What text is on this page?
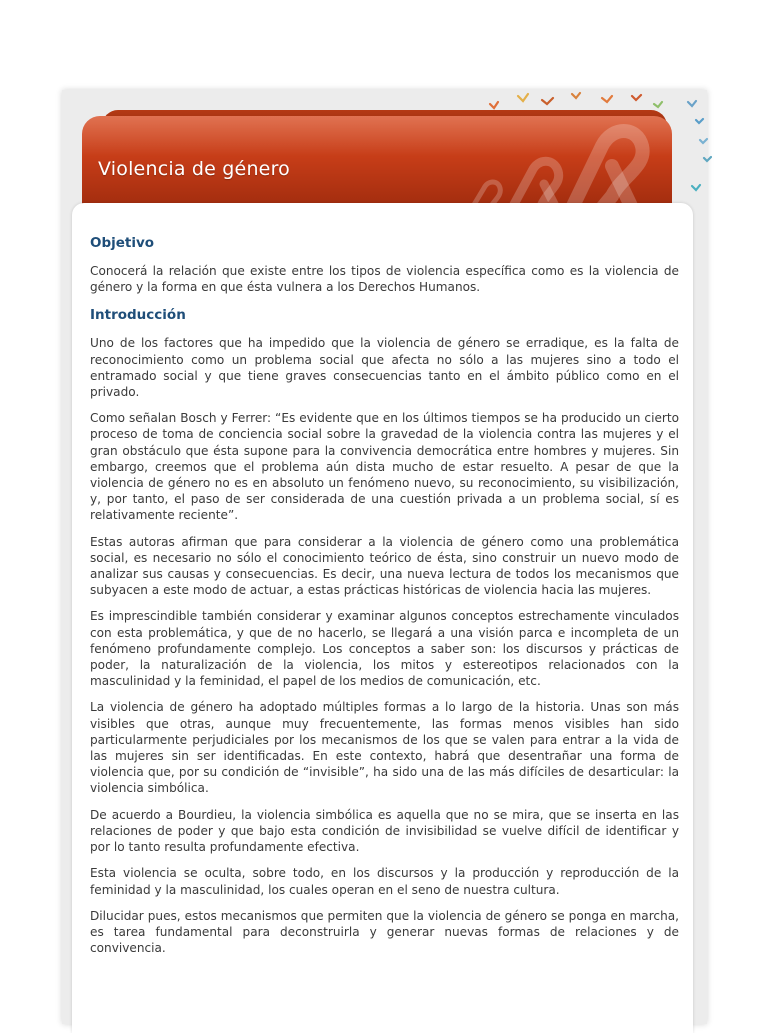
Violencia de género
Objetivo

Conocerá la relación que existe entre los tipos de violencia específica como es la violencia de género y la forma en que ésta vulnera a los Derechos Humanos.

Introducción

Uno de los factores que ha impedido que la violencia de género se erradique, es la falta de reconocimiento como un problema social que afecta no sólo a las mujeres sino a todo el entramado social y que tiene graves consecuencias tanto en el ámbito público como en el privado.

Como señalan Bosch y Ferrer: “Es evidente que en los últimos tiempos se ha producido un cierto proceso de toma de conciencia social sobre la gravedad de la violencia contra las mujeres y el gran obstáculo que ésta supone para la convivencia democrática entre hombres y mujeres. Sin embargo, creemos que el problema aún dista mucho de estar resuelto. A pesar de que la violencia de género no es en absoluto un fenómeno nuevo, su reconocimiento, su visibilización, y, por tanto, el paso de ser considerada de una cuestión privada a un problema social, sí es relativamente reciente”.

Estas autoras afirman que para considerar a la violencia de género como una problemática social, es necesario no sólo el conocimiento teórico de ésta, sino construir un nuevo modo de analizar sus causas y consecuencias. Es decir, una nueva lectura de todos los mecanismos que subyacen a este modo de actuar, a estas prácticas históricas de violencia hacia las mujeres.

Es imprescindible también considerar y examinar algunos conceptos estrechamente vinculados con esta problemática, y que de no hacerlo, se llegará a una visión parca e incompleta de un fenómeno profundamente complejo. Los conceptos a saber son: los discursos y prácticas de poder, la naturalización de la violencia, los mitos y estereotipos relacionados con la masculinidad y la feminidad, el papel de los medios de comunicación, etc.

La violencia de género ha adoptado múltiples formas a lo largo de la historia. Unas son más visibles que otras, aunque muy frecuentemente, las formas menos visibles han sido particularmente perjudiciales por los mecanismos de los que se valen para entrar a la vida de las mujeres sin ser identificadas. En este contexto, habrá que desentrañar una forma de violencia que, por su condición de “invisible”, ha sido una de las más difíciles de desarticular: la violencia simbólica.

De acuerdo a Bourdieu, la violencia simbólica es aquella que no se mira, que se inserta en las relaciones de poder y que bajo esta condición de invisibilidad se vuelve difícil de identificar y por lo tanto resulta profundamente efectiva.

Esta violencia se oculta, sobre todo, en los discursos y la producción y reproducción de la feminidad y la masculinidad, los cuales operan en el seno de nuestra cultura.

Dilucidar pues, estos mecanismos que permiten que la violencia de género se ponga en marcha, es tarea fundamental para deconstruirla y generar nuevas formas de relaciones y de convivencia.
